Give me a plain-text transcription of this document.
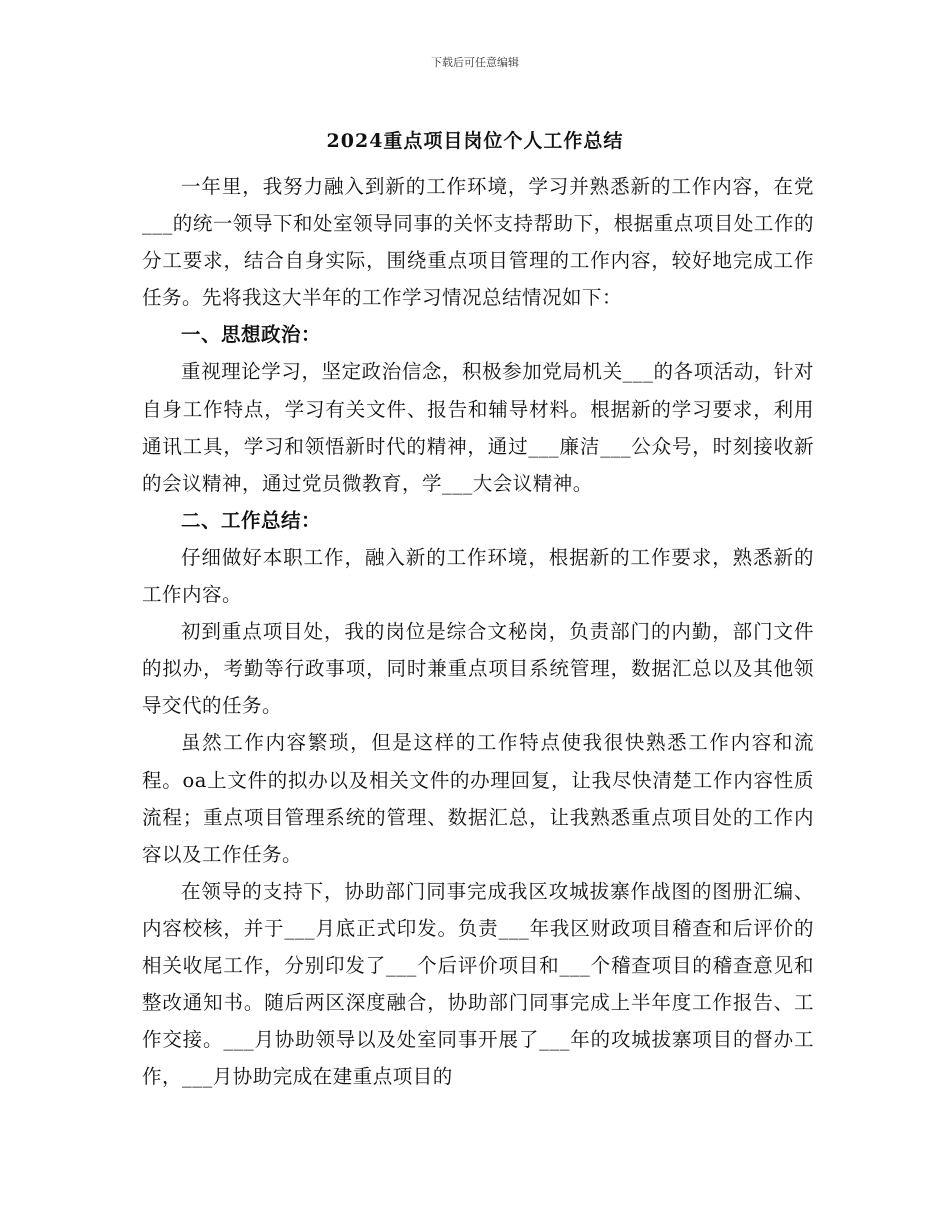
下载后可任意编辑
2024重点项目岗位个人工作总结

一年里，我努力融入到新的工作环境，学习并熟悉新的工作内容，在党___的统一领导下和处室领导同事的关怀支持帮助下，根据重点项目处工作的分工要求，结合自身实际，围绕重点项目管理的工作内容，较好地完成工作任务。先将我这大半年的工作学习情况总结情况如下：

一、思想政治：

重视理论学习，坚定政治信念，积极参加党局机关___的各项活动，针对自身工作特点，学习有关文件、报告和辅导材料。根据新的学习要求，利用通讯工具，学习和领悟新时代的精神，通过___廉洁___公众号，时刻接收新的会议精神，通过党员微教育，学___大会议精神。

二、工作总结：

仔细做好本职工作，融入新的工作环境，根据新的工作要求，熟悉新的工作内容。

初到重点项目处，我的岗位是综合文秘岗，负责部门的内勤，部门文件的拟办，考勤等行政事项，同时兼重点项目系统管理，数据汇总以及其他领导交代的任务。

虽然工作内容繁琐，但是这样的工作特点使我很快熟悉工作内容和流程。oa上文件的拟办以及相关文件的办理回复，让我尽快清楚工作内容性质流程；重点项目管理系统的管理、数据汇总，让我熟悉重点项目处的工作内容以及工作任务。

在领导的支持下，协助部门同事完成我区攻城拔寨作战图的图册汇编、内容校核，并于___月底正式印发。负责___年我区财政项目稽查和后评价的相关收尾工作，分别印发了___个后评价项目和___个稽查项目的稽查意见和整改通知书。随后两区深度融合，协助部门同事完成上半年度工作报告、工作交接。___月协助领导以及处室同事开展了___年的攻城拔寨项目的督办工作，___月协助完成在建重点项目的
